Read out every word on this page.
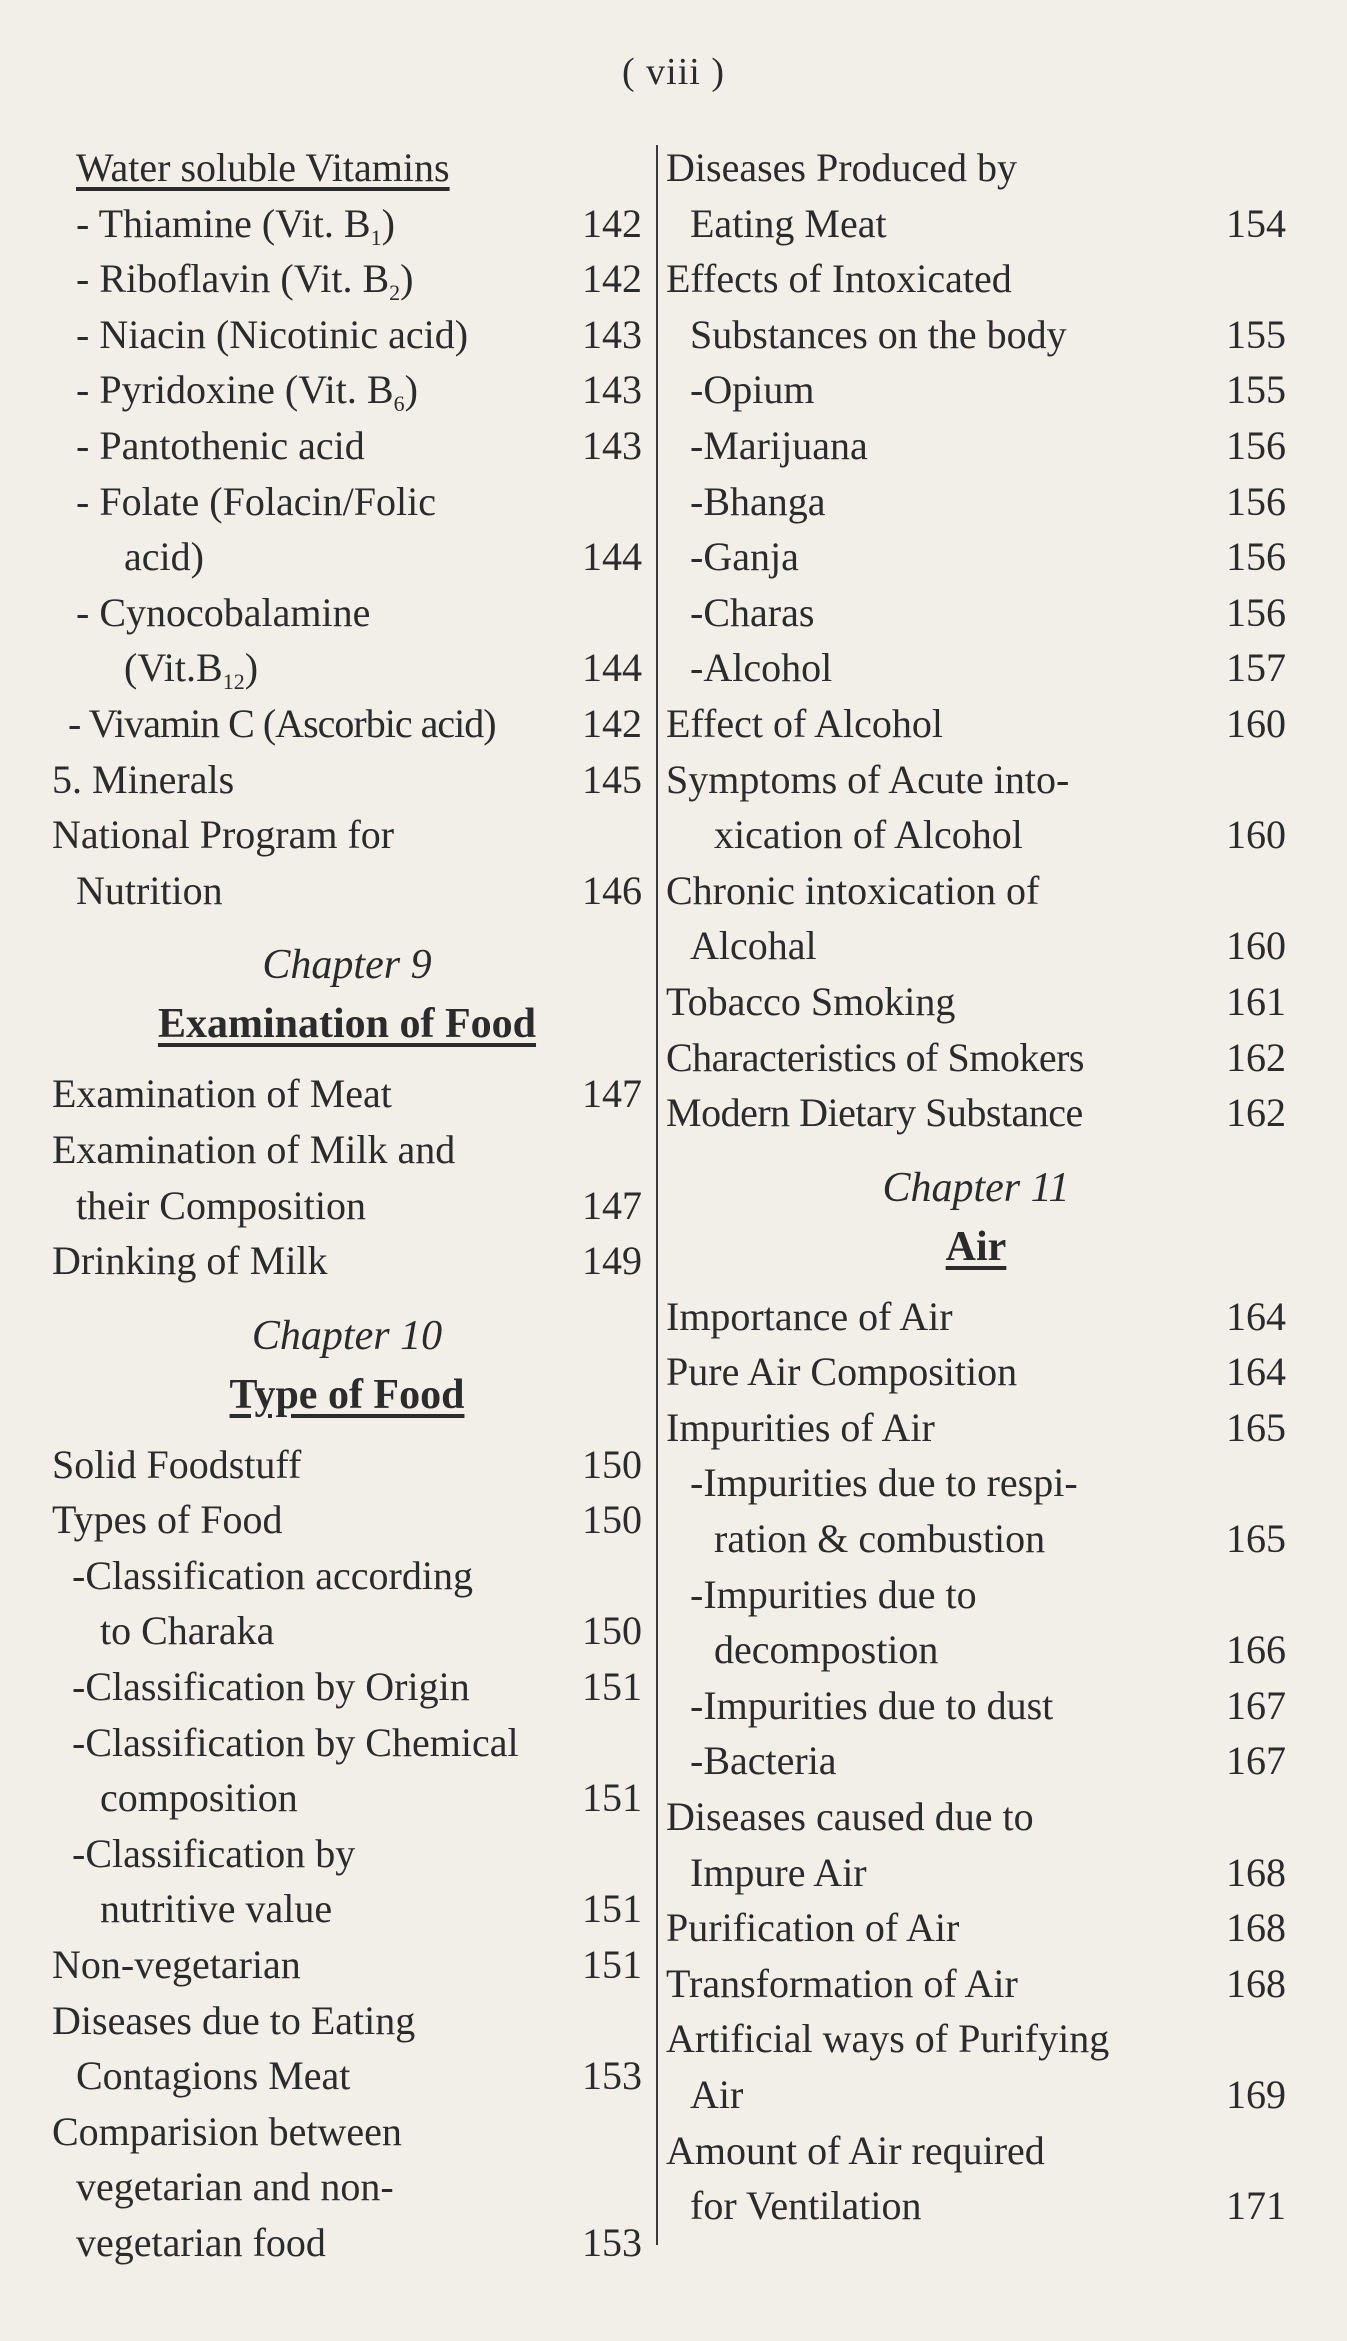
( viii )
Water soluble Vitamins
- Thiamine (Vit. $B_1$)	142
- Riboflavin (Vit. $B_2$)	142
- Niacin (Nicotinic acid)	143
- Pyridoxine (Vit. $B_6$)	143
- Pantothenic acid	143
- Folate (Folacin/Folic
acid)	144
- Cynocobalamine
$(Vit.B_{12})$	144
- Vivamin C (Ascorbic acid) 142
5. Minerals	145
National Program for
Nutrition	146
Chapter 9
Examination of Food
Examination of Meat	147
Examination of Milk and
their Composition	147
Drinking of Milk	149
Chapter 10
Type of Food
Solid Foodstuff	150
Types of Food	150
-Classification according
to Charaka	150
-Classification by Origin	151
-Classification by Chemical
composition	151
-Classification by
nutritive value	151
Non-vegetarian	151
Diseases due to Eating
Contagions Meat	153
Comparision between
vegetarian and non-
vegetarian food	153
Diseases Produced by
Eating Meat	154
Effects of Intoxicated
Substances on the body	155
-Opium	155
-Marijuana	156
-Bhanga	156
-Ganja	156
-Charas	156
-Alcohol	157
Effect of Alcohol	160
Symptoms of Acute into-
xication of Alcohol	160
Chronic intoxication of
Alcohal	160
Tobacco Smoking	161
Characteristics of Smokers	162
Modern Dietary Substance	162
Chapter 11
Air
Importance of Air	164
Pure Air Composition	164
Impurities of Air	165
-Impurities due to respi-
ration & combustion	165
-Impurities due to
decompostion	166
-Impurities due to dust	167
-Bacteria	167
Diseases caused due to
Impure Air	168
Purification of Air	168
Transformation of Air	168
Artificial ways of Purifying
Air	169
Amount of Air required
for Ventilation	171
